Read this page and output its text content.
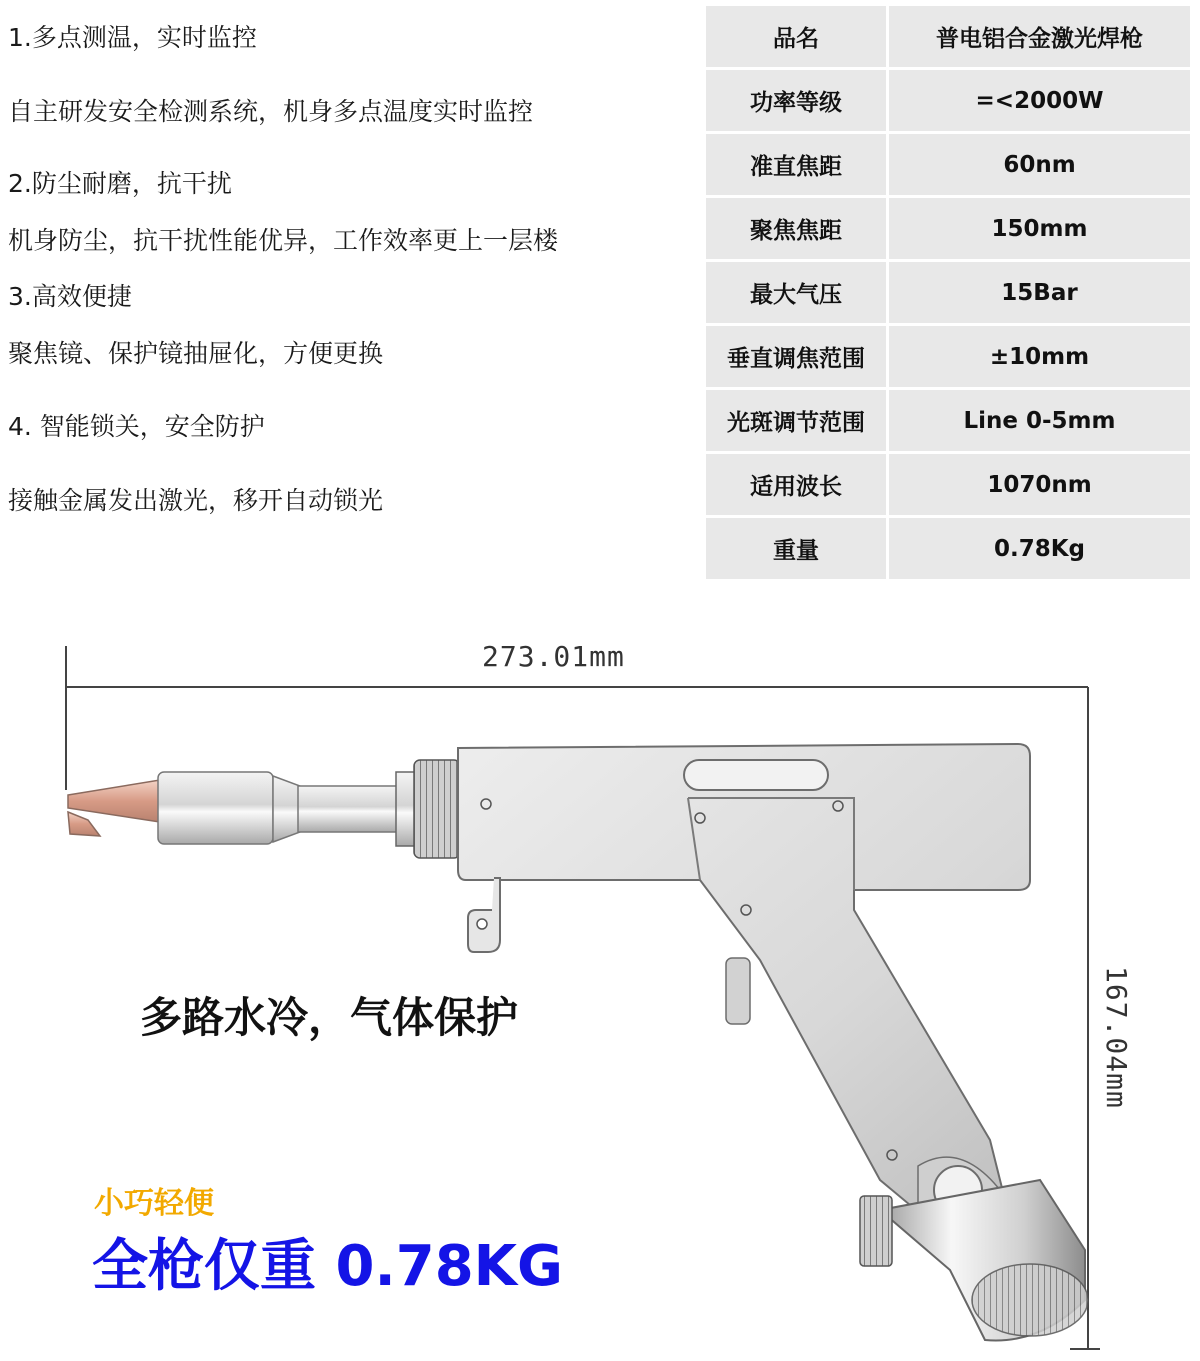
1.多点测温，实时监控

自主研发安全检测系统，机身多点温度实时监控

2.防尘耐磨，抗干扰

机身防尘，抗干扰性能优异，工作效率更上一层楼

3.高效便捷

聚焦镜、保护镜抽屉化，方便更换

4. 智能锁关，安全防护

接触金属发出激光，移开自动锁光

品名	普电铝合金激光焊枪
功率等级	=<2000W
准直焦距	60nm
聚焦焦距	150mm
最大气压	15Bar
垂直调焦范围	±10mm
光斑调节范围	Line 0-5mm
适用波长	1070nm
重量	0.78Kg
273.01mm
167.04mm
多路水冷，气体保护
小巧轻便
全枪仅重 0.78KG
